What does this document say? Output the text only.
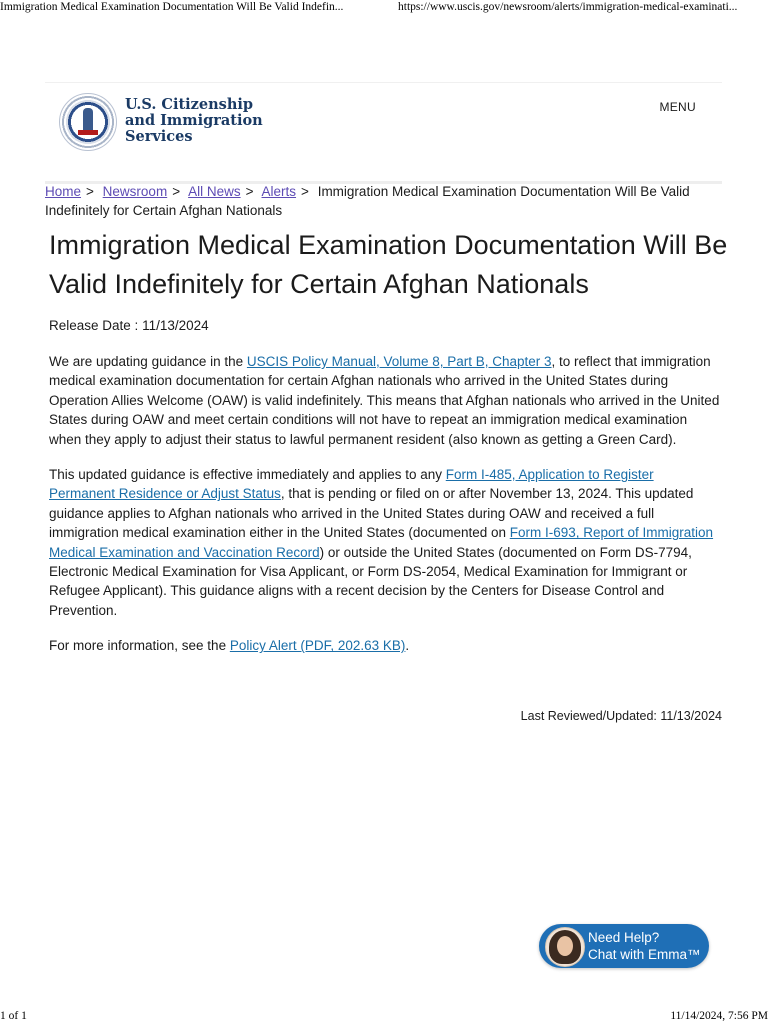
Immigration Medical Examination Documentation Will Be Valid Indefin...	https://www.uscis.gov/newsroom/alerts/immigration-medical-examinati...
U.S. Citizenship
and Immigration
Services
MENU
Home > Newsroom > All News > Alerts > Immigration Medical Examination Documentation Will Be Valid Indefinitely for Certain Afghan Nationals
Immigration Medical Examination Documentation Will Be Valid Indefinitely for Certain Afghan Nationals
Release Date : 11/13/2024

We are updating guidance in the USCIS Policy Manual, Volume 8, Part B, Chapter 3, to reflect that immigration medical examination documentation for certain Afghan nationals who arrived in the United States during Operation Allies Welcome (OAW) is valid indefinitely. This means that Afghan nationals who arrived in the United States during OAW and meet certain conditions will not have to repeat an immigration medical examination when they apply to adjust their status to lawful permanent resident (also known as getting a Green Card).

This updated guidance is effective immediately and applies to any Form I-485, Application to Register Permanent Residence or Adjust Status, that is pending or filed on or after November 13, 2024. This updated guidance applies to Afghan nationals who arrived in the United States during OAW and received a full immigration medical examination either in the United States (documented on Form I-693, Report of Immigration Medical Examination and Vaccination Record) or outside the United States (documented on Form DS-7794, Electronic Medical Examination for Visa Applicant, or Form DS-2054, Medical Examination for Immigrant or Refugee Applicant). This guidance aligns with a recent decision by the Centers for Disease Control and Prevention.

For more information, see the Policy Alert (PDF, 202.63 KB).

Last Reviewed/Updated: 11/13/2024
Need Help?
Chat with Emma™
1 of 1	11/14/2024, 7:56 PM
